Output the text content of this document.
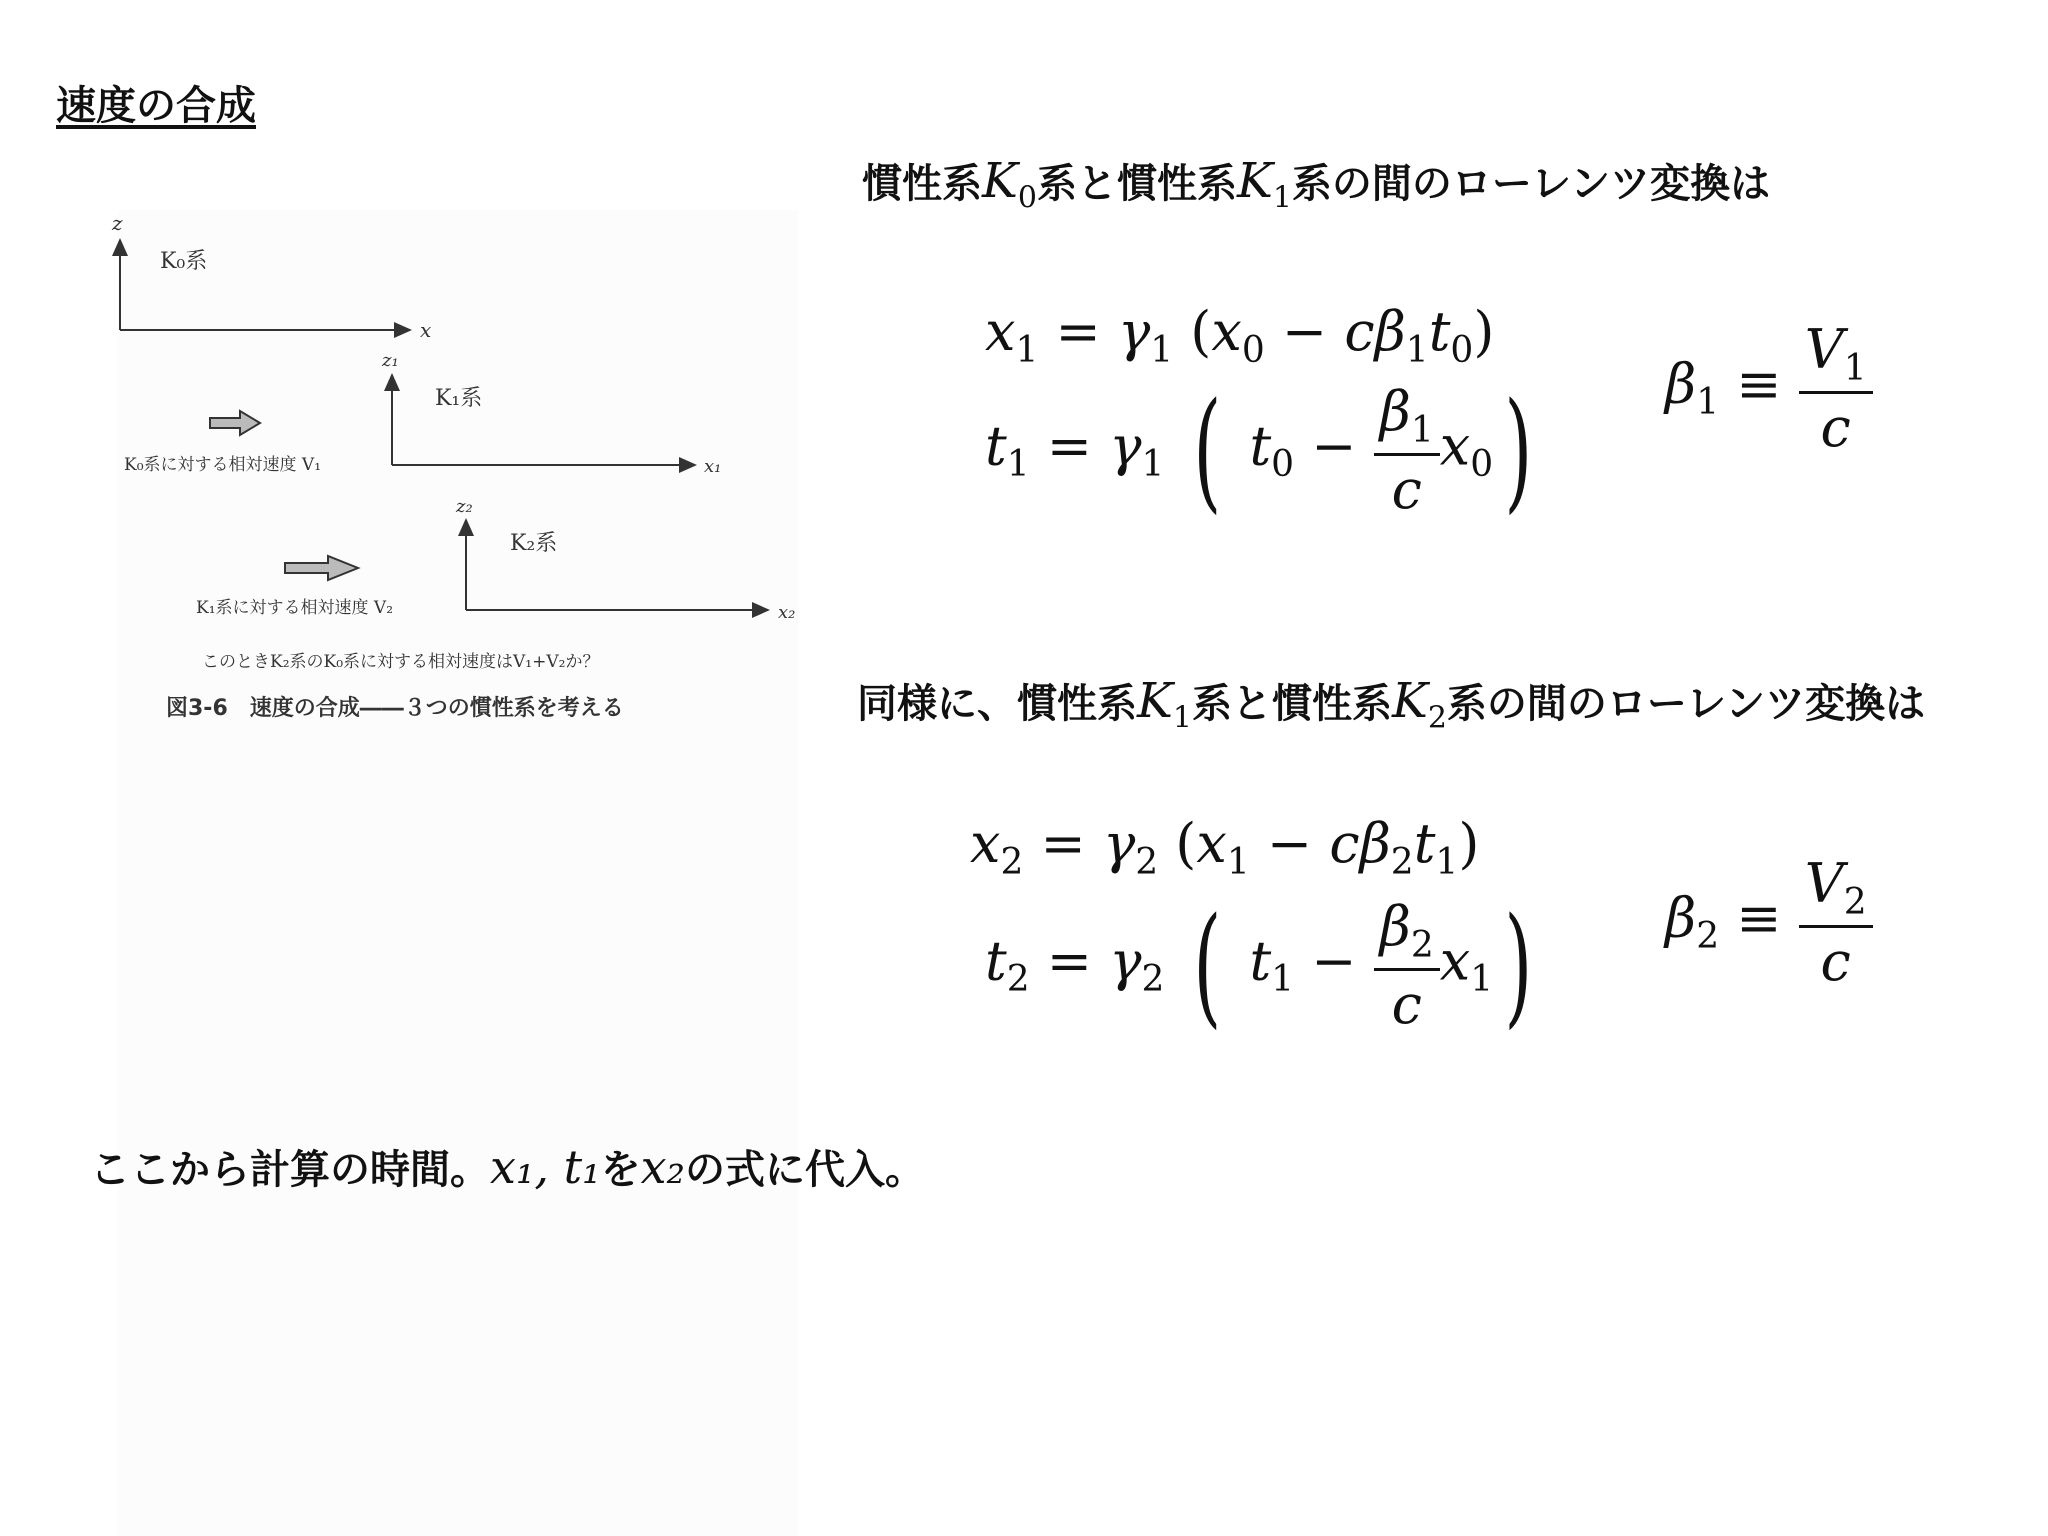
速度の合成
z
x
K₀系
z₁
x₁
K₁系
K₀系に対する相対速度 V₁
z₂
x₂
K₂系
K₁系に対する相対速度 V₂
このときK₂系のK₀系に対する相対速度はV₁+V₂か？
図3-6　速度の合成――３つの慣性系を考える
慣性系$K_0$系と慣性系$K_1$系の間のローレンツ変換は
$x_1 = \gamma_1$ $(x_0 - c\beta_1t_0)$
$t_1 = \gamma_1$ ( $t_0 - \frac{\beta_1}{c} x_0$) $\beta_1 \equiv \frac{V_1}{c}$
同様に、慣性系$K_1$系と慣性系$K_2$系の間のローレンツ変換は
$x_2 = \gamma_2$ $(x_1 - c\beta_2t_1)$
$t_2 = \gamma_2$ ( $t_1 - \frac{\beta_2}{c} x_1$) $\beta_2 \equiv \frac{V_2}{c}$
ここから計算の時間。x₁, t₁をx₂の式に代入。
